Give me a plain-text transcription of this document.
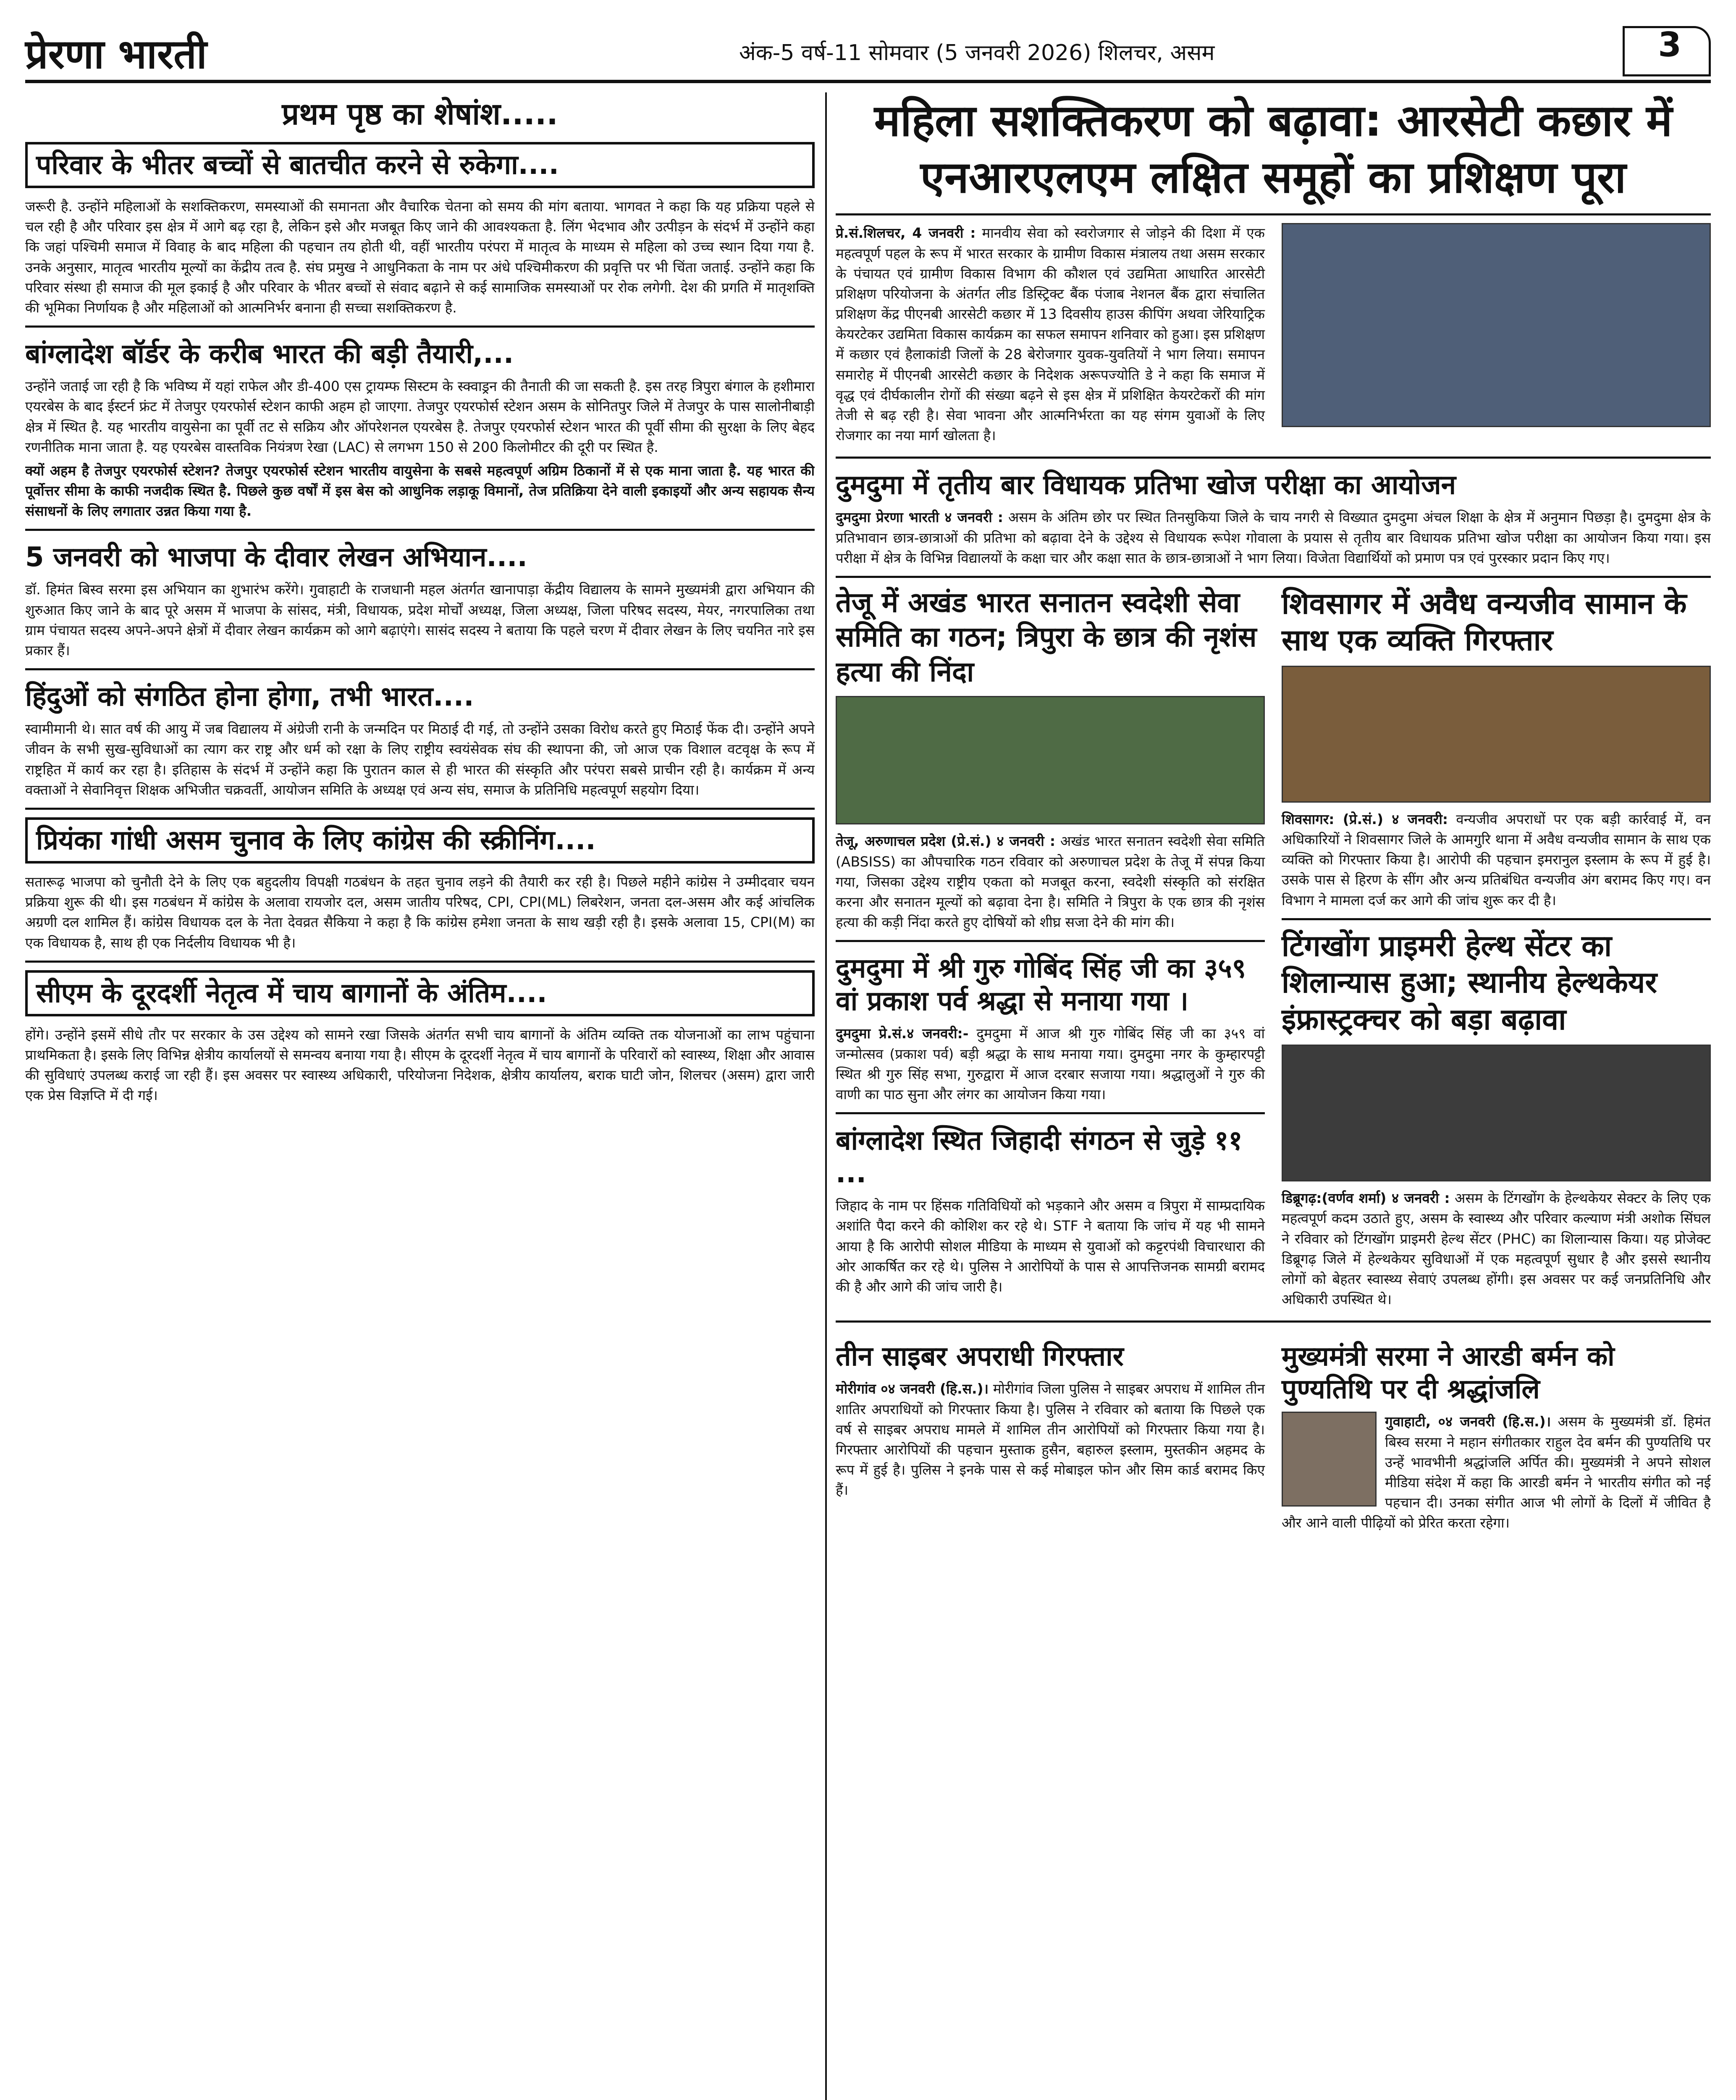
प्रेरणा भारती	अंक-5 वर्ष-11 सोमवार (5 जनवरी 2026) शिलचर, असम	3
प्रथम पृष्ठ का शेषांश.....
परिवार के भीतर बच्चों से बातचीत करने से रुकेगा....

जरूरी है. उन्होंने महिलाओं के सशक्तिकरण, समस्याओं की समानता और वैचारिक चेतना को समय की मांग बताया. भागवत ने कहा कि यह प्रक्रिया पहले से चल रही है और परिवार इस क्षेत्र में आगे बढ़ रहा है, लेकिन इसे और मजबूत किए जाने की आवश्यकता है. लिंग भेदभाव और उत्पीड़न के संदर्भ में उन्होंने कहा कि जहां पश्चिमी समाज में विवाह के बाद महिला की पहचान तय होती थी, वहीं भारतीय परंपरा में मातृत्व के माध्यम से महिला को उच्च स्थान दिया गया है. उनके अनुसार, मातृत्व भारतीय मूल्यों का केंद्रीय तत्व है. संघ प्रमुख ने आधुनिकता के नाम पर अंधे पश्चिमीकरण की प्रवृत्ति पर भी चिंता जताई. उन्होंने कहा कि परिवार संस्था ही समाज की मूल इकाई है और परिवार के भीतर बच्चों से संवाद बढ़ाने से कई सामाजिक समस्याओं पर रोक लगेगी. देश की प्रगति में मातृशक्ति की भूमिका निर्णायक है और महिलाओं को आत्मनिर्भर बनाना ही सच्चा सशक्तिकरण है.

बांग्लादेश बॉर्डर के करीब भारत की बड़ी तैयारी,...

उन्होंने जताई जा रही है कि भविष्य में यहां राफेल और डी-400 एस ट्रायम्फ सिस्टम के स्क्वाड्रन की तैनाती की जा सकती है. इस तरह त्रिपुरा बंगाल के हशीमारा एयरबेस के बाद ईस्टर्न फ्रंट में तेजपुर एयरफोर्स स्टेशन काफी अहम हो जाएगा. तेजपुर एयरफोर्स स्टेशन असम के सोनितपुर जिले में तेजपुर के पास सालोनीबाड़ी क्षेत्र में स्थित है. यह भारतीय वायुसेना का पूर्वी तट से सक्रिय और ऑपरेशनल एयरबेस है. तेजपुर एयरफोर्स स्टेशन भारत की पूर्वी सीमा की सुरक्षा के लिए बेहद रणनीतिक माना जाता है. यह एयरबेस वास्तविक नियंत्रण रेखा (LAC) से लगभग 150 से 200 किलोमीटर की दूरी पर स्थित है.

क्यों अहम है तेजपुर एयरफोर्स स्टेशन? तेजपुर एयरफोर्स स्टेशन भारतीय वायुसेना के सबसे महत्वपूर्ण अग्रिम ठिकानों में से एक माना जाता है. यह भारत की पूर्वोत्तर सीमा के काफी नजदीक स्थित है. पिछले कुछ वर्षों में इस बेस को आधुनिक लड़ाकू विमानों, तेज प्रतिक्रिया देने वाली इकाइयों और अन्य सहायक सैन्य संसाधनों के लिए लगातार उन्नत किया गया है.

5 जनवरी को भाजपा के दीवार लेखन अभियान....

डॉ. हिमंत बिस्व सरमा इस अभियान का शुभारंभ करेंगे। गुवाहाटी के राजधानी महल अंतर्गत खानापाड़ा केंद्रीय विद्यालय के सामने मुख्यमंत्री द्वारा अभियान की शुरुआत किए जाने के बाद पूरे असम में भाजपा के सांसद, मंत्री, विधायक, प्रदेश मोर्चों अध्यक्ष, जिला अध्यक्ष, जिला परिषद सदस्य, मेयर, नगरपालिका तथा ग्राम पंचायत सदस्य अपने-अपने क्षेत्रों में दीवार लेखन कार्यक्रम को आगे बढ़ाएंगे। सासंद सदस्य ने बताया कि पहले चरण में दीवार लेखन के लिए चयनित नारे इस प्रकार हैं।

हिंदुओं को संगठित होना होगा, तभी भारत....

स्वामीमानी थे। सात वर्ष की आयु में जब विद्यालय में अंग्रेजी रानी के जन्मदिन पर मिठाई दी गई, तो उन्होंने उसका विरोध करते हुए मिठाई फेंक दी। उन्होंने अपने जीवन के सभी सुख-सुविधाओं का त्याग कर राष्ट्र और धर्म को रक्षा के लिए राष्ट्रीय स्वयंसेवक संघ की स्थापना की, जो आज एक विशाल वटवृक्ष के रूप में राष्ट्रहित में कार्य कर रहा है। इतिहास के संदर्भ में उन्होंने कहा कि पुरातन काल से ही भारत की संस्कृति और परंपरा सबसे प्राचीन रही है। कार्यक्रम में अन्य वक्ताओं ने सेवानिवृत्त शिक्षक अभिजीत चक्रवर्ती, आयोजन समिति के अध्यक्ष एवं अन्य संघ, समाज के प्रतिनिधि महत्वपूर्ण सहयोग दिया।

प्रियंका गांधी असम चुनाव के लिए कांग्रेस की स्क्रीनिंग....

सतारूढ़ भाजपा को चुनौती देने के लिए एक बहुदलीय विपक्षी गठबंधन के तहत चुनाव लड़ने की तैयारी कर रही है। पिछले महीने कांग्रेस ने उम्मीदवार चयन प्रक्रिया शुरू की थी। इस गठबंधन में कांग्रेस के अलावा रायजोर दल, असम जातीय परिषद, CPI, CPI(ML) लिबरेशन, जनता दल-असम और कई आंचलिक अग्रणी दल शामिल हैं। कांग्रेस विधायक दल के नेता देवव्रत सैकिया ने कहा है कि कांग्रेस हमेशा जनता के साथ खड़ी रही है। इसके अलावा 15, CPI(M) का एक विधायक है, साथ ही एक निर्दलीय विधायक भी है।

सीएम के दूरदर्शी नेतृत्व में चाय बागानों के अंतिम....

होंगे। उन्होंने इसमें सीधे तौर पर सरकार के उस उद्देश्य को सामने रखा जिसके अंतर्गत सभी चाय बागानों के अंतिम व्यक्ति तक योजनाओं का लाभ पहुंचाना प्राथमिकता है। इसके लिए विभिन्न क्षेत्रीय कार्यालयों से समन्वय बनाया गया है। सीएम के दूरदर्शी नेतृत्व में चाय बागानों के परिवारों को स्वास्थ्य, शिक्षा और आवास की सुविधाएं उपलब्ध कराई जा रही हैं। इस अवसर पर स्वास्थ्य अधिकारी, परियोजना निदेशक, क्षेत्रीय कार्यालय, बराक घाटी जोन, शिलचर (असम) द्वारा जारी एक प्रेस विज्ञप्ति में दी गई।

महिला सशक्तिकरण को बढ़ावा: आरसेटी कछार में एनआरएलएम लक्षित समूहों का प्रशिक्षण पूरा

प्रे.सं.शिलचर, 4 जनवरी : मानवीय सेवा को स्वरोजगार से जोड़ने की दिशा में एक महत्वपूर्ण पहल के रूप में भारत सरकार के ग्रामीण विकास मंत्रालय तथा असम सरकार के पंचायत एवं ग्रामीण विकास विभाग की कौशल एवं उद्यमिता आधारित आरसेटी प्रशिक्षण परियोजना के अंतर्गत लीड डिस्ट्रिक्ट बैंक पंजाब नेशनल बैंक द्वारा संचालित प्रशिक्षण केंद्र पीएनबी आरसेटी कछार में 13 दिवसीय हाउस कीपिंग अथवा जेरियाट्रिक केयरटेकर उद्यमिता विकास कार्यक्रम का सफल समापन शनिवार को हुआ। इस प्रशिक्षण में कछार एवं हैलाकांडी जिलों के 28 बेरोजगार युवक-युवतियों ने भाग लिया। समापन समारोह में पीएनबी आरसेटी कछार के निदेशक अरूपज्योति डे ने कहा कि समाज में वृद्ध एवं दीर्घकालीन रोगों की संख्या बढ़ने से इस क्षेत्र में प्रशिक्षित केयरटेकरों की मांग तेजी से बढ़ रही है। सेवा भावना और आत्मनिर्भरता का यह संगम युवाओं के लिए रोजगार का नया मार्ग खोलता है।

दुमदुमा में तृतीय बार विधायक प्रतिभा खोज परीक्षा का आयोजन

दुमदुमा प्रेरणा भारती ४ जनवरी : असम के अंतिम छोर पर स्थित तिनसुकिया जिले के चाय नगरी से विख्यात दुमदुमा अंचल शिक्षा के क्षेत्र में अनुमान पिछड़ा है। दुमदुमा क्षेत्र के प्रतिभावान छात्र-छात्राओं की प्रतिभा को बढ़ावा देने के उद्देश्य से विधायक रूपेश गोवाला के प्रयास से तृतीय बार विधायक प्रतिभा खोज परीक्षा का आयोजन किया गया। इस परीक्षा में क्षेत्र के विभिन्न विद्यालयों के कक्षा चार और कक्षा सात के छात्र-छात्राओं ने भाग लिया। विजेता विद्यार्थियों को प्रमाण पत्र एवं पुरस्कार प्रदान किए गए।

तेजू में अखंड भारत सनातन स्वदेशी सेवा समिति का गठन; त्रिपुरा के छात्र की नृशंस हत्या की निंदा

तेजू, अरुणाचल प्रदेश (प्रे.सं.) ४ जनवरी : अखंड भारत सनातन स्वदेशी सेवा समिति (ABSISS) का औपचारिक गठन रविवार को अरुणाचल प्रदेश के तेजू में संपन्न किया गया, जिसका उद्देश्य राष्ट्रीय एकता को मजबूत करना, स्वदेशी संस्कृति को संरक्षित करना और सनातन मूल्यों को बढ़ावा देना है। समिति ने त्रिपुरा के एक छात्र की नृशंस हत्या की कड़ी निंदा करते हुए दोषियों को शीघ्र सजा देने की मांग की।

दुमदुमा में श्री गुरु गोबिंद सिंह जी का ३५९ वां प्रकाश पर्व श्रद्धा से मनाया गया ।

दुमदुमा प्रे.सं.४ जनवरी:- दुमदुमा में आज श्री गुरु गोबिंद सिंह जी का ३५९ वां जन्मोत्सव (प्रकाश पर्व) बड़ी श्रद्धा के साथ मनाया गया। दुमदुमा नगर के कुम्हारपट्टी स्थित श्री गुरु सिंह सभा, गुरुद्वारा में आज दरबार सजाया गया। श्रद्धालुओं ने गुरु की वाणी का पाठ सुना और लंगर का आयोजन किया गया।

बांग्लादेश स्थित जिहादी संगठन से जुड़े ११ ...

जिहाद के नाम पर हिंसक गतिविधियों को भड़काने और असम व त्रिपुरा में साम्प्रदायिक अशांति पैदा करने की कोशिश कर रहे थे। STF ने बताया कि जांच में यह भी सामने आया है कि आरोपी सोशल मीडिया के माध्यम से युवाओं को कट्टरपंथी विचारधारा की ओर आकर्षित कर रहे थे। पुलिस ने आरोपियों के पास से आपत्तिजनक सामग्री बरामद की है और आगे की जांच जारी है।

शिवसागर में अवैध वन्यजीव सामान के साथ एक व्यक्ति गिरफ्तार

शिवसागर: (प्रे.सं.) ४ जनवरी: वन्यजीव अपराधों पर एक बड़ी कार्रवाई में, वन अधिकारियों ने शिवसागर जिले के आमगुरि थाना में अवैध वन्यजीव सामान के साथ एक व्यक्ति को गिरफ्तार किया है। आरोपी की पहचान इमरानुल इस्लाम के रूप में हुई है। उसके पास से हिरण के सींग और अन्य प्रतिबंधित वन्यजीव अंग बरामद किए गए। वन विभाग ने मामला दर्ज कर आगे की जांच शुरू कर दी है।

टिंगखोंग प्राइमरी हेल्थ सेंटर का शिलान्यास हुआ; स्थानीय हेल्थकेयर इंफ्रास्ट्रक्चर को बड़ा बढ़ावा

डिब्रूगढ़:(वर्णव शर्मा) ४ जनवरी : असम के टिंगखोंग के हेल्थकेयर सेक्टर के लिए एक महत्वपूर्ण कदम उठाते हुए, असम के स्वास्थ्य और परिवार कल्याण मंत्री अशोक सिंघल ने रविवार को टिंगखोंग प्राइमरी हेल्थ सेंटर (PHC) का शिलान्यास किया। यह प्रोजेक्ट डिब्रूगढ़ जिले में हेल्थकेयर सुविधाओं में एक महत्वपूर्ण सुधार है और इससे स्थानीय लोगों को बेहतर स्वास्थ्य सेवाएं उपलब्ध होंगी। इस अवसर पर कई जनप्रतिनिधि और अधिकारी उपस्थित थे।

तीन साइबर अपराधी गिरफ्तार

मोरीगांव ०४ जनवरी (हि.स.)। मोरीगांव जिला पुलिस ने साइबर अपराध में शामिल तीन शातिर अपराधियों को गिरफ्तार किया है। पुलिस ने रविवार को बताया कि पिछले एक वर्ष से साइबर अपराध मामले में शामिल तीन आरोपियों को गिरफ्तार किया गया है। गिरफ्तार आरोपियों की पहचान मुस्ताक हुसैन, बहारुल इस्लाम, मुस्तकीन अहमद के रूप में हुई है। पुलिस ने इनके पास से कई मोबाइल फोन और सिम कार्ड बरामद किए हैं।

मुख्यमंत्री सरमा ने आरडी बर्मन को पुण्यतिथि पर दी श्रद्धांजलि

गुवाहाटी, ०४ जनवरी (हि.स.)। असम के मुख्यमंत्री डॉ. हिमंत बिस्व सरमा ने महान संगीतकार राहुल देव बर्मन की पुण्यतिथि पर उन्हें भावभीनी श्रद्धांजलि अर्पित की। मुख्यमंत्री ने अपने सोशल मीडिया संदेश में कहा कि आरडी बर्मन ने भारतीय संगीत को नई पहचान दी। उनका संगीत आज भी लोगों के दिलों में जीवित है और आने वाली पीढ़ियों को प्रेरित करता रहेगा।
